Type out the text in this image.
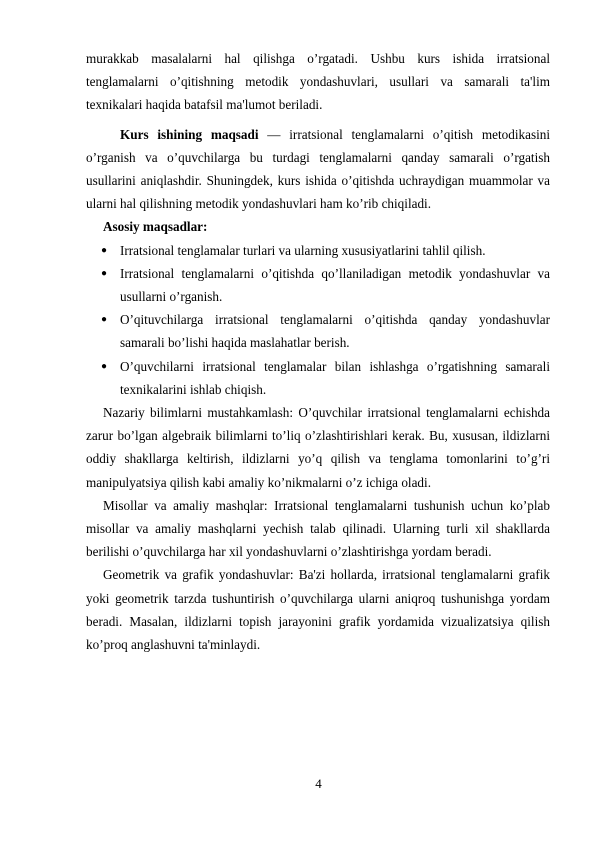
murakkab masalalarni hal qilishga o’rgatadi. Ushbu kurs ishida irratsional tenglamalarni o’qitishning metodik yondashuvlari, usullari va samarali ta'lim texnikalari haqida batafsil ma'lumot beriladi.

Kurs ishining maqsadi — irratsional tenglamalarni o’qitish metodikasini o’rganish va o’quvchilarga bu turdagi tenglamalarni qanday samarali o’rgatish usullarini aniqlashdir. Shuningdek, kurs ishida o’qitishda uchraydigan muammolar va ularni hal qilishning metodik yondashuvlari ham ko’rib chiqiladi.

Asosiy maqsadlar:

● Irratsional tenglamalar turlari va ularning xususiyatlarini tahlil qilish.
● Irratsional tenglamalarni o’qitishda qo’llaniladigan metodik yondashuvlar va usullarni o’rganish.
● O’qituvchilarga irratsional tenglamalarni o’qitishda qanday yondashuvlar samarali bo’lishi haqida maslahatlar berish.
● O’quvchilarni irratsional tenglamalar bilan ishlashga o’rgatishning samarali texnikalarini ishlab chiqish.

Nazariy bilimlarni mustahkamlash: O’quvchilar irratsional tenglamalarni echishda zarur bo’lgan algebraik bilimlarni to’liq o’zlashtirishlari kerak. Bu, xususan, ildizlarni oddiy shakllarga keltirish, ildizlarni yo’q qilish va tenglama tomonlarini to’g’ri manipulyatsiya qilish kabi amaliy ko’nikmalarni o’z ichiga oladi.

Misollar va amaliy mashqlar: Irratsional tenglamalarni tushunish uchun ko’plab misollar va amaliy mashqlarni yechish talab qilinadi. Ularning turli xil shakllarda berilishi o’quvchilarga har xil yondashuvlarni o’zlashtirishga yordam beradi.

Geometrik va grafik yondashuvlar: Ba'zi hollarda, irratsional tenglamalarni grafik yoki geometrik tarzda tushuntirish o’quvchilarga ularni aniqroq tushunishga yordam beradi. Masalan, ildizlarni topish jarayonini grafik yordamida vizualizatsiya qilish ko’proq anglashuvni ta'minlaydi.

4
